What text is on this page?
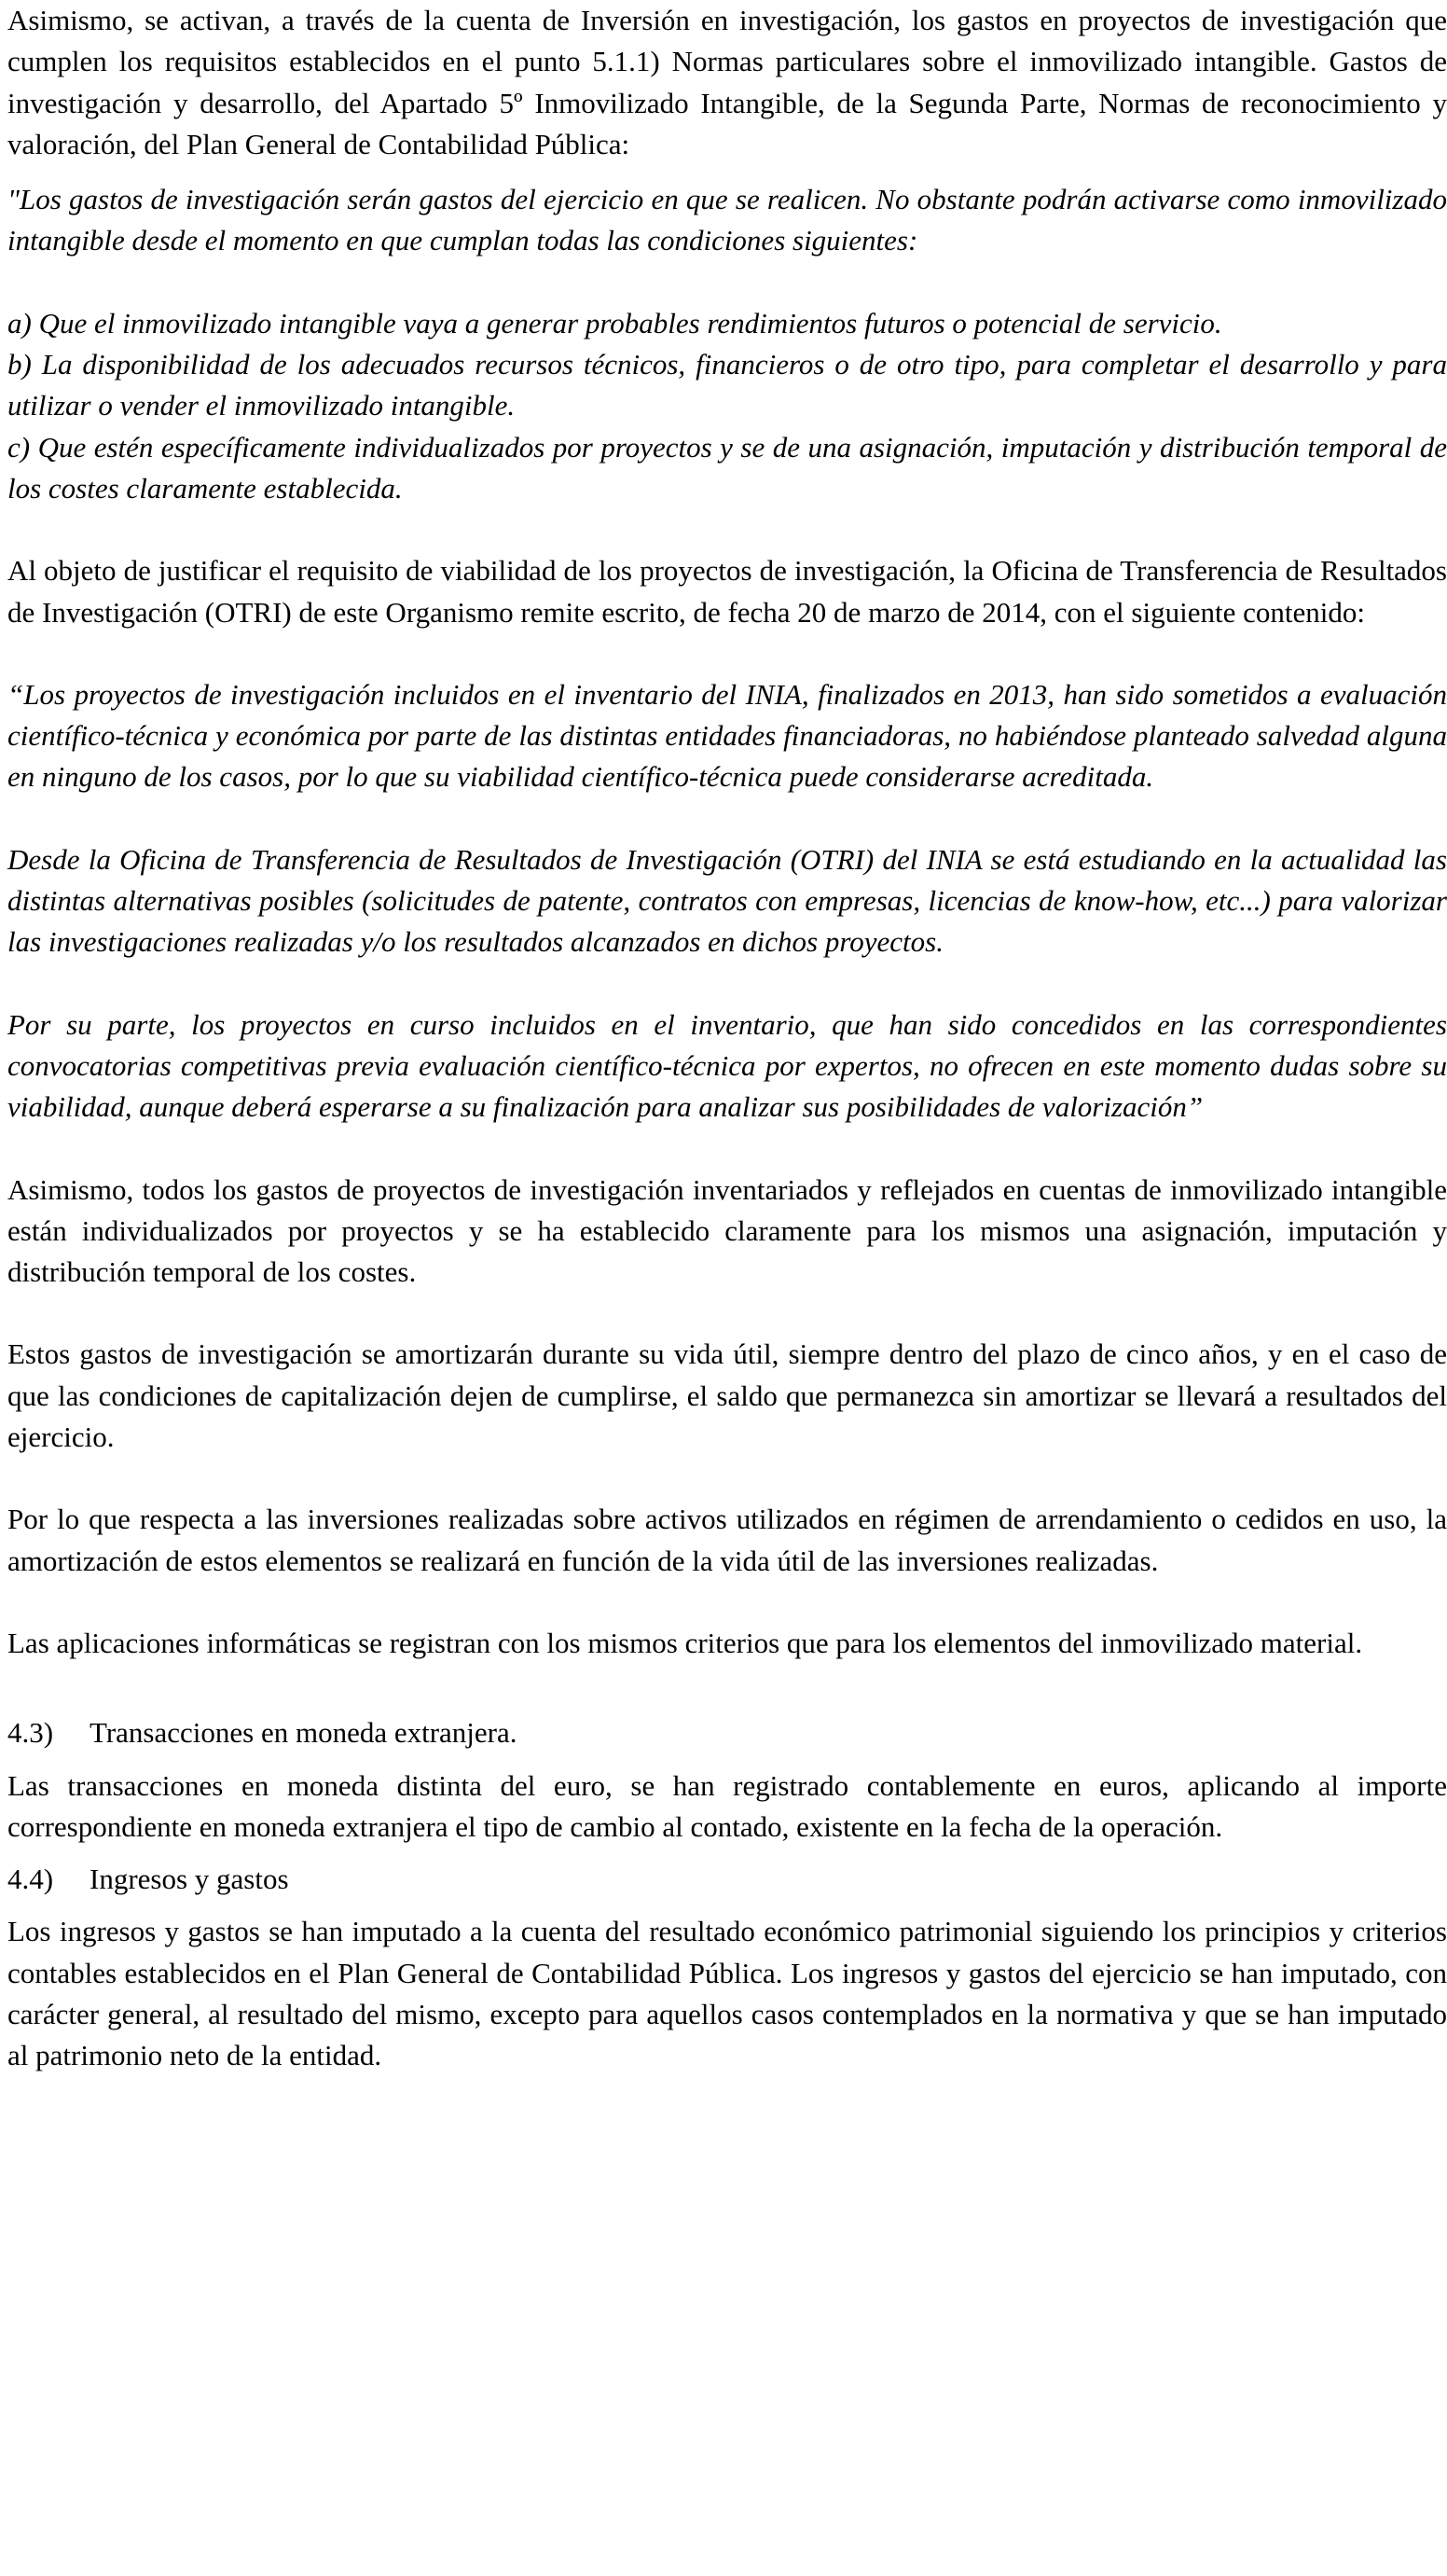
Asimismo, se activan, a través de la cuenta de Inversión en investigación, los gastos en proyectos de investigación que cumplen los requisitos establecidos en el punto 5.1.1) Normas particulares sobre el inmovilizado intangible. Gastos de investigación y desarrollo, del Apartado 5º Inmovilizado Intangible, de la Segunda Parte, Normas de reconocimiento y valoración, del Plan General de Contabilidad Pública:

"Los gastos de investigación serán gastos del ejercicio en que se realicen. No obstante podrán activarse como inmovilizado intangible desde el momento en que cumplan todas las condiciones siguientes:

a) Que el inmovilizado intangible vaya a generar probables rendimientos futuros o potencial de servicio.

b) La disponibilidad de los adecuados recursos técnicos, financieros o de otro tipo, para completar el desarrollo y para utilizar o vender el inmovilizado intangible.

c) Que estén específicamente individualizados por proyectos y se de una asignación, imputación y distribución temporal de los costes claramente establecida.

Al objeto de justificar el requisito de viabilidad de los proyectos de investigación, la Oficina de Transferencia de Resultados de Investigación (OTRI) de este Organismo remite escrito, de fecha 20 de marzo de 2014, con el siguiente contenido:

“Los proyectos de investigación incluidos en el inventario del INIA, finalizados en 2013, han sido sometidos a evaluación científico-técnica y económica por parte de las distintas entidades financiadoras, no habiéndose planteado salvedad alguna en ninguno de los casos, por lo que su viabilidad científico-técnica puede considerarse acreditada.

Desde la Oficina de Transferencia de Resultados de Investigación (OTRI) del INIA se está estudiando en la actualidad las distintas alternativas posibles (solicitudes de patente, contratos con empresas, licencias de know-how, etc...) para valorizar las investigaciones realizadas y/o los resultados alcanzados en dichos proyectos.

Por su parte, los proyectos en curso incluidos en el inventario, que han sido concedidos en las correspondientes convocatorias competitivas previa evaluación científico-técnica por expertos, no ofrecen en este momento dudas sobre su viabilidad, aunque deberá esperarse a su finalización para analizar sus posibilidades de valorización”

Asimismo, todos los gastos de proyectos de investigación inventariados y reflejados en cuentas de inmovilizado intangible están individualizados por proyectos y se ha establecido claramente para los mismos una asignación, imputación y distribución temporal de los costes.

Estos gastos de investigación se amortizarán durante su vida útil, siempre dentro del plazo de cinco años, y en el caso de que las condiciones de capitalización dejen de cumplirse, el saldo que permanezca sin amortizar se llevará a resultados del ejercicio.

Por lo que respecta a las inversiones realizadas sobre activos utilizados en régimen de arrendamiento o cedidos en uso, la amortización de estos elementos se realizará en función de la vida útil de las inversiones realizadas.

Las aplicaciones informáticas se registran con los mismos criterios que para los elementos del inmovilizado material.

4.3) Transacciones en moneda extranjera.

Las transacciones en moneda distinta del euro, se han registrado contablemente en euros, aplicando al importe correspondiente en moneda extranjera el tipo de cambio al contado, existente en la fecha de la operación.

4.4) Ingresos y gastos

Los ingresos y gastos se han imputado a la cuenta del resultado económico patrimonial siguiendo los principios y criterios contables establecidos en el Plan General de Contabilidad Pública. Los ingresos y gastos del ejercicio se han imputado, con carácter general, al resultado del mismo, excepto para aquellos casos contemplados en la normativa y que se han imputado al patrimonio neto de la entidad.
